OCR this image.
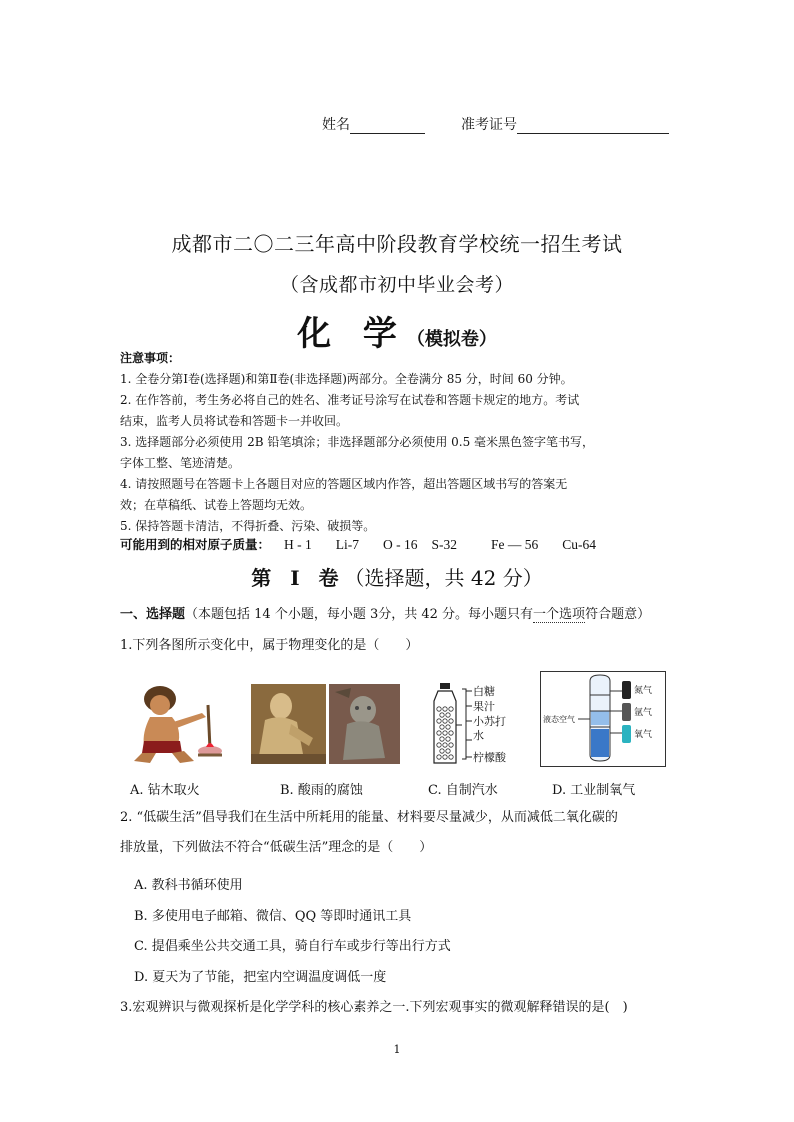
姓名	准考证号
成都市二〇二三年高中阶段教育学校统一招生考试
（含成都市初中毕业会考）
化 学（模拟卷）
注意事项：
1. 全卷分第Ⅰ卷(选择题)和第Ⅱ卷(非选择题)两部分。全卷满分 85 分，时间 60 分钟。
2. 在作答前，考生务必将自己的姓名、准考证号涂写在试卷和答题卡规定的地方。考试
结束，监考人员将试卷和答题卡一并收回。
3. 选择题部分必须使用 2B 铅笔填涂；非选择题部分必须使用 0.5 毫米黑色签字笔书写，
字体工整、笔迹清楚。
4. 请按照题号在答题卡上各题目对应的答题区域内作答，超出答题区域书写的答案无
效；在草稿纸、试卷上答题均无效。
5. 保持答题卡清洁，不得折叠、污染、破损等。
可能用到的相对原子质量： H - 1 Li-7 O - 16 S-32	Fe — 56 Cu-64
第 Ⅰ 卷（选择题，共 42 分）
一、选择题（本题包括 14 个小题，每小题 3分，共 42 分。每小题只有一个选项符合题意）
1.下列各图所示变化中，属于物理变化的是（　　）
白糖
果汁
小苏打
水
柠檬酸
液态空气
氮气
氩气
氧气
A. 钻木取火	B. 酸雨的腐蚀	C. 自制汽水	D. 工业制氧气
2. “低碳生活”倡导我们在生活中所耗用的能量、材料要尽量减少，从而减低二氧化碳的
排放量，下列做法不符合“低碳生活”理念的是（　　）
A. 教科书循环使用
B. 多使用电子邮箱、微信、QQ 等即时通讯工具
C. 提倡乘坐公共交通工具，骑自行车或步行等出行方式
D. 夏天为了节能，把室内空调温度调低一度
3.宏观辨识与微观探析是化学学科的核心素养之一.下列宏观事实的微观解释错误的是(　)
1
